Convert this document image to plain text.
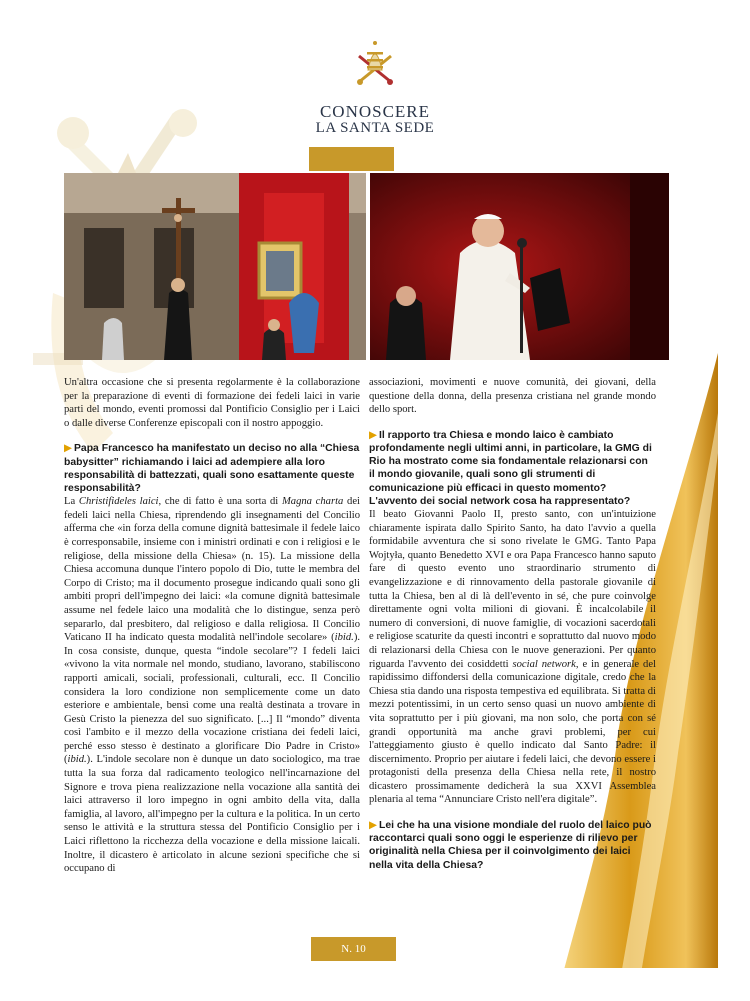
CONOSCERE
LA SANTA SEDE

Un'altra occasione che si presenta regolarmente è la collaborazione per la preparazione di eventi di formazione dei fedeli laici in varie parti del mondo, eventi promossi dal Pontificio Consiglio per i Laici o dalle diverse Conferenze episcopali con il nostro appoggio.

▶ Papa Francesco ha manifestato un deciso no alla “Chiesa babysitter” richiamando i laici ad adempiere alla loro responsabilità di battezzati, quali sono esattamente queste responsabilità?

La Christifideles laici, che di fatto è una sorta di Magna charta dei fedeli laici nella Chiesa, riprendendo gli insegnamenti del Concilio afferma che «in forza della comune dignità battesimale il fedele laico è corresponsabile, insieme con i ministri ordinati e con i religiosi e le religiose, della missione della Chiesa» (n. 15). La missione della Chiesa accomuna dunque l'intero popolo di Dio, tutte le membra del Corpo di Cristo; ma il documento prosegue indicando quali sono gli ambiti propri dell'impegno dei laici: «la comune dignità battesimale assume nel fedele laico una modalità che lo distingue, senza però separarlo, dal presbitero, dal religioso e dalla religiosa. Il Concilio Vaticano II ha indicato questa modalità nell'indole secolare» (ibid.). In cosa consiste, dunque, questa “indole secolare”? I fedeli laici «vivono la vita normale nel mondo, studiano, lavorano, stabiliscono rapporti amicali, sociali, professionali, culturali, ecc. Il Concilio considera la loro condizione non semplicemente come un dato esteriore e ambientale, bensì come una realtà destinata a trovare in Gesù Cristo la pienezza del suo significato. [...] Il “mondo” diventa così l'ambito e il mezzo della vocazione cristiana dei fedeli laici, perché esso stesso è destinato a glorificare Dio Padre in Cristo» (ibid.). L'indole secolare non è dunque un dato sociologico, ma trae tutta la sua forza dal radicamento teologico nell'incarnazione del Signore e trova piena realizzazione nella vocazione alla santità dei laici attraverso il loro impegno in ogni ambito della vita, dalla famiglia, al lavoro, all'impegno per la cultura e la politica. In un certo senso le attività e la struttura stessa del Pontificio Consiglio per i Laici riflettono la ricchezza della vocazione e della missione laicali. Inoltre, il dicastero è articolato in alcune sezioni specifiche che si occupano di

associazioni, movimenti e nuove comunità, dei giovani, della questione della donna, della presenza cristiana nel grande mondo dello sport.

▶ Il rapporto tra Chiesa e mondo laico è cambiato profondamente negli ultimi anni, in particolare, la GMG di Rio ha mostrato come sia fondamentale relazionarsi con il mondo giovanile, quali sono gli strumenti di comunicazione più efficaci in questo momento? L'avvento dei social network cosa ha rappresentato?

Il beato Giovanni Paolo II, presto santo, con un'intuizione chiaramente ispirata dallo Spirito Santo, ha dato l'avvio a quella formidabile avventura che si sono rivelate le GMG. Tanto Papa Wojtyła, quanto Benedetto XVI e ora Papa Francesco hanno saputo fare di questo evento uno straordinario strumento di evangelizzazione e di rinnovamento della pastorale giovanile di tutta la Chiesa, ben al di là dell'evento in sé, che pure coinvolge direttamente ogni volta milioni di giovani. È incalcolabile il numero di conversioni, di nuove famiglie, di vocazioni sacerdotali e religiose scaturite da questi incontri e soprattutto dal nuovo modo di relazionarsi della Chiesa con le nuove generazioni. Per quanto riguarda l'avvento dei cosiddetti social network, e in generale del rapidissimo diffondersi della comunicazione digitale, credo che la Chiesa stia dando una risposta tempestiva ed equilibrata. Si tratta di mezzi potentissimi, in un certo senso quasi un nuovo ambiente di vita soprattutto per i più giovani, ma non solo, che porta con sé grandi opportunità ma anche gravi problemi, per cui l'atteggiamento giusto è quello indicato dal Santo Padre: il discernimento. Proprio per aiutare i fedeli laici, che devono essere i protagonisti della presenza della Chiesa nella rete, il nostro dicastero prossimamente dedicherà la sua XXVI Assemblea plenaria al tema “Annunciare Cristo nell'era digitale”.

▶ Lei che ha una visione mondiale del ruolo del laico può raccontarci quali sono oggi le esperienze di rilievo per originalità nella Chiesa per il coinvolgimento dei laici nella vita della Chiesa?

N. 10
